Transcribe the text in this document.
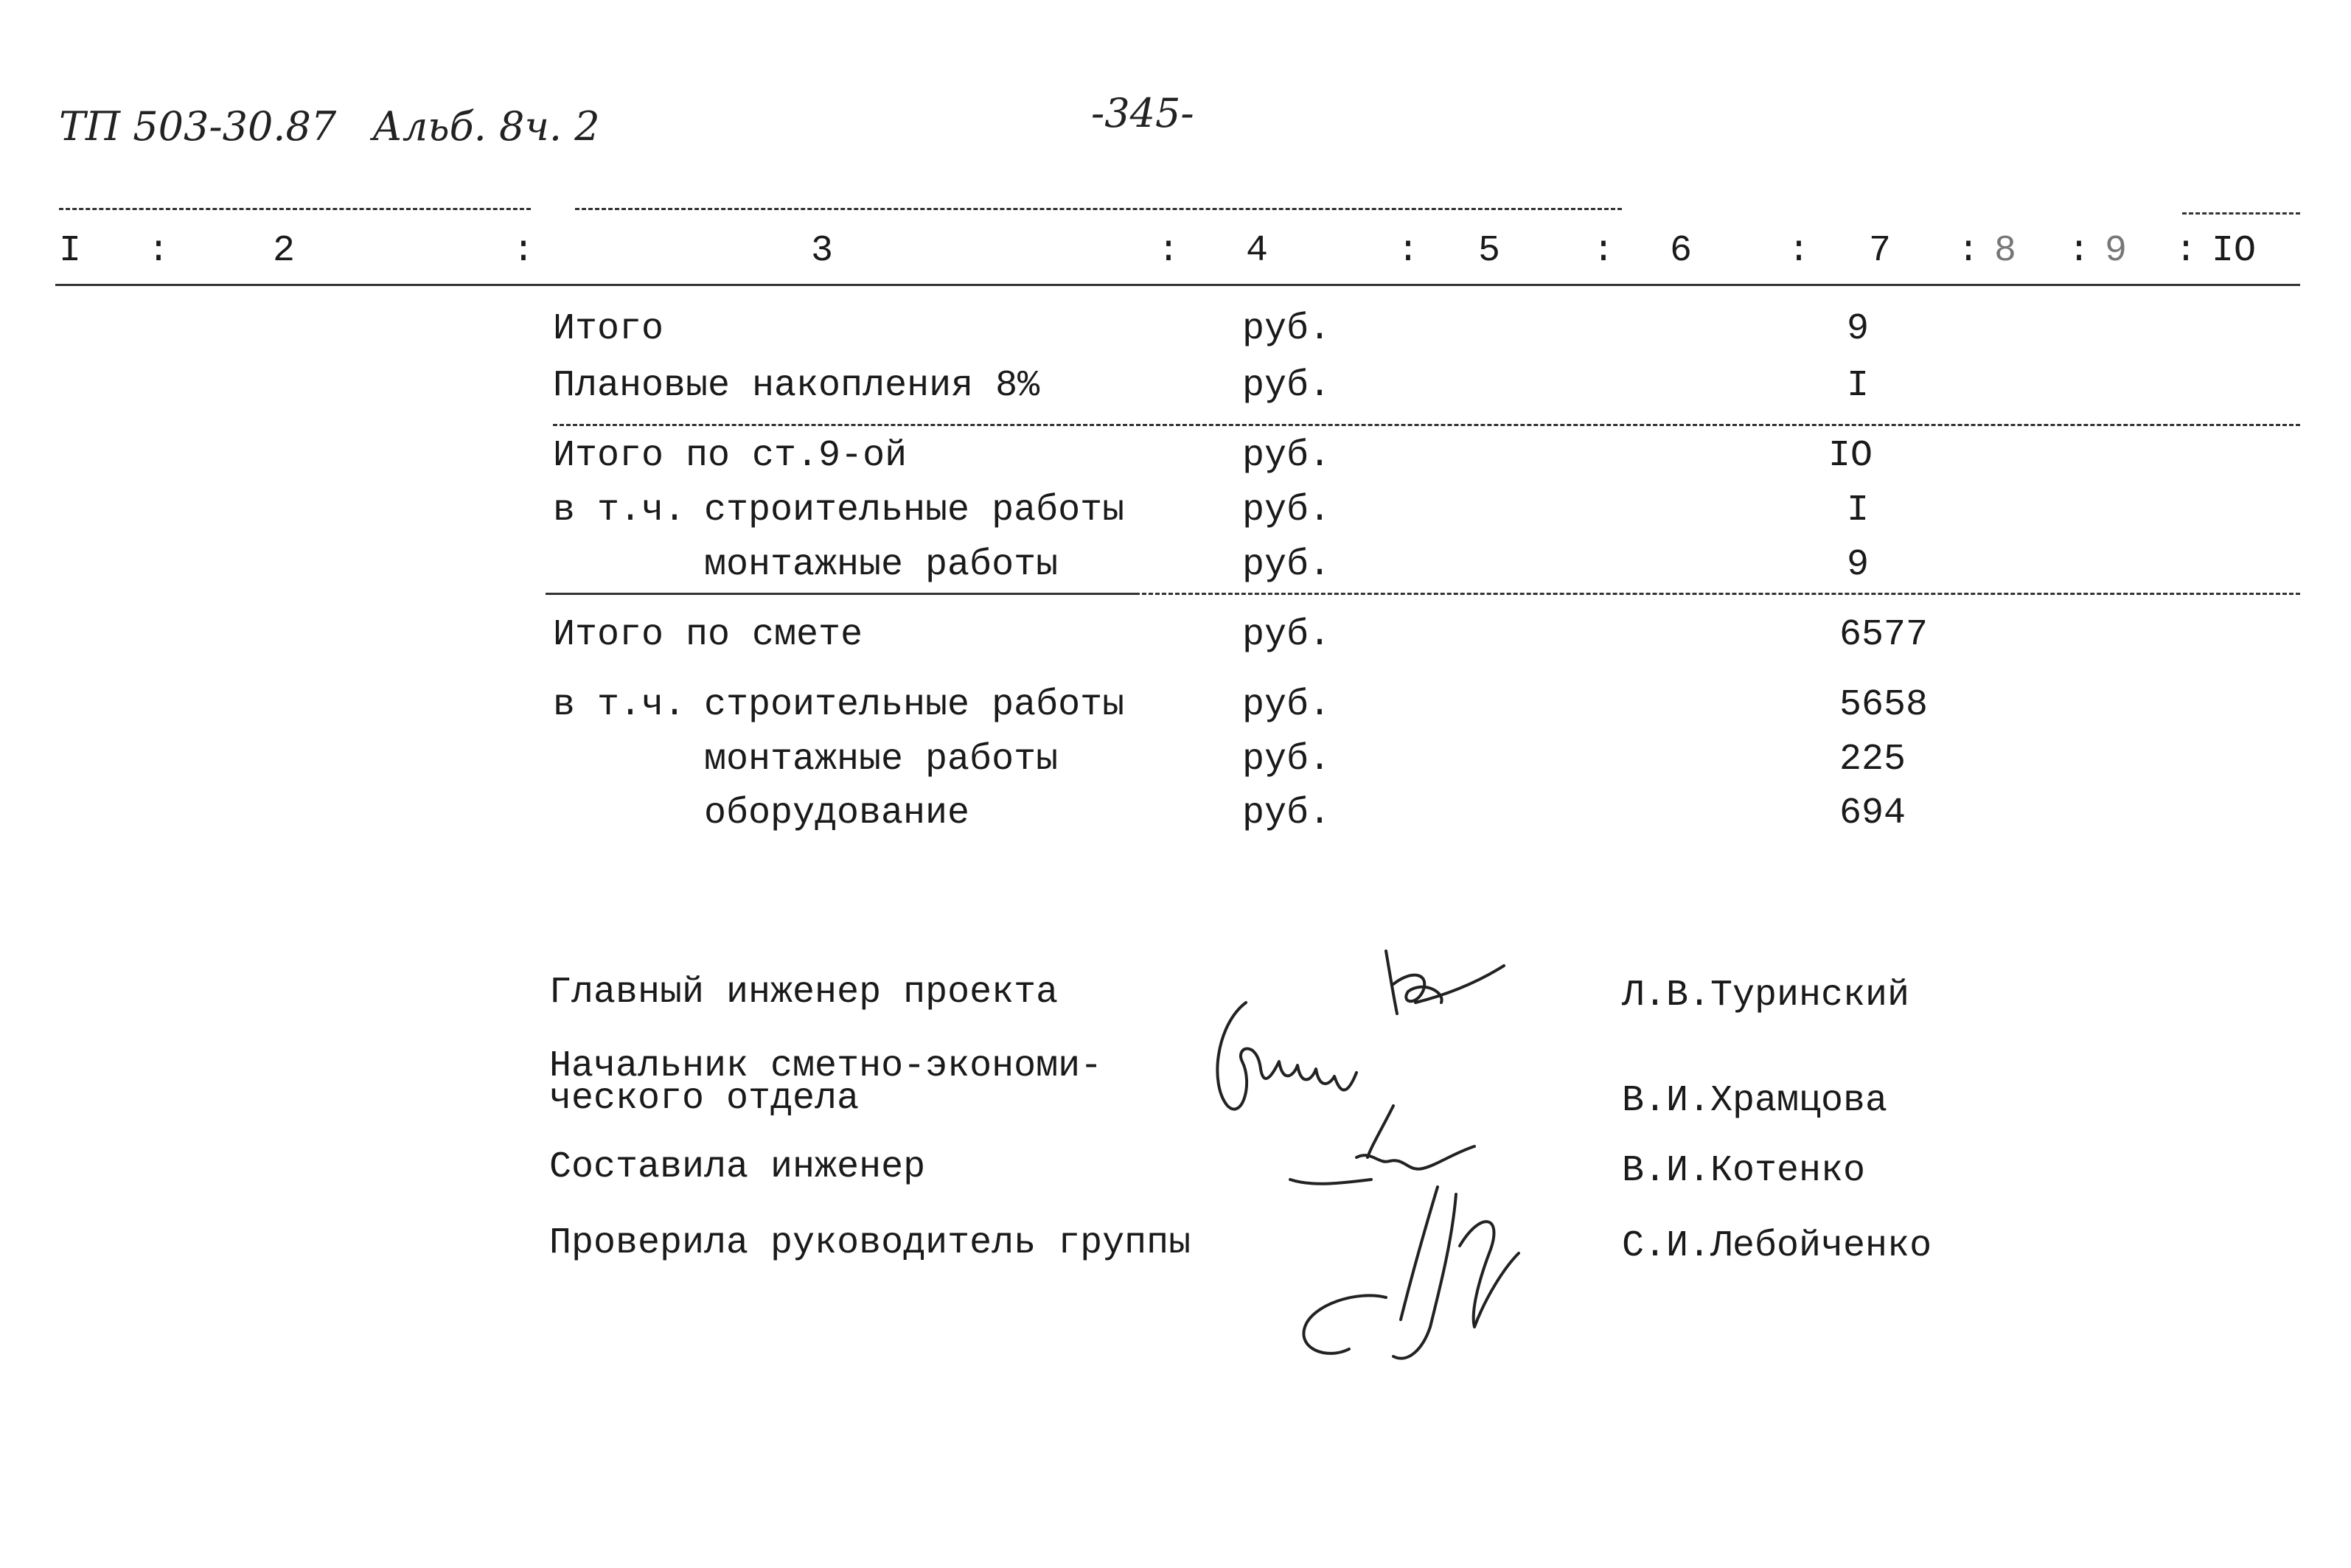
ТП 503-30.87 Альб. 8ч. 2	-345-
I :	2	:	3	: 4	: 5 : 6	: 7 : 8 : 9 : IO
Итого	руб.	9
Плановые накопления 8%	руб.	I
Итого по ст.9-ой	руб.	IO
в т.ч. строительные работы	руб.	I
монтажные работы	руб.	9
Итого по смете	руб.	6577
в т.ч. строительные работы	руб.	5658
монтажные работы	руб.	225
оборудование	руб.	694
Главный инженер проекта	Л.В.Туринский
Начальник сметно-экономи-
ческого отдела	В.И.Храмцова
Составила инженер	В.И.Котенко
Проверила руководитель группы	С.И.Лебойченко
